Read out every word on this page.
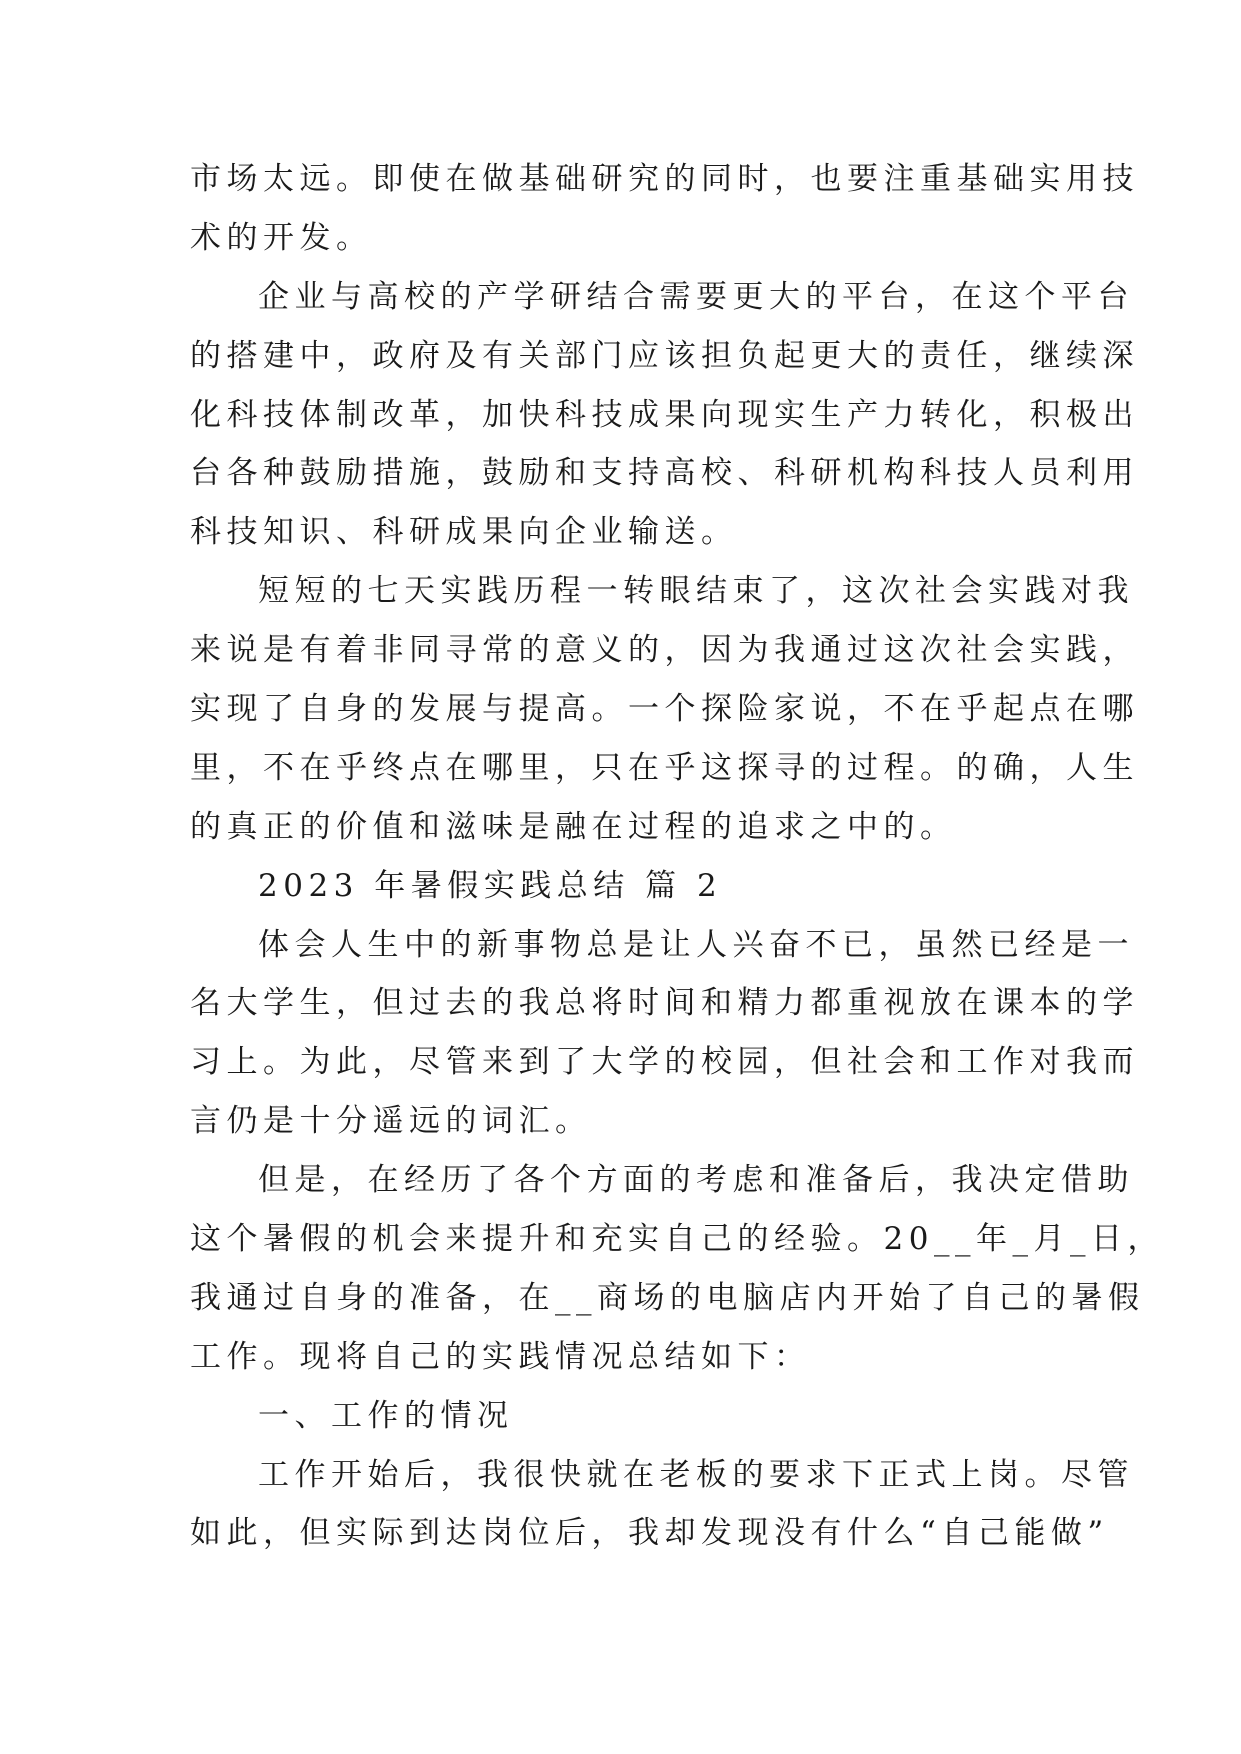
市场太远。即使在做基础研究的同时，也要注重基础实用技
术的开发。
企业与高校的产学研结合需要更大的平台，在这个平台
的搭建中，政府及有关部门应该担负起更大的责任，继续深
化科技体制改革，加快科技成果向现实生产力转化，积极出
台各种鼓励措施，鼓励和支持高校、科研机构科技人员利用
科技知识、科研成果向企业输送。
短短的七天实践历程一转眼结束了，这次社会实践对我
来说是有着非同寻常的意义的，因为我通过这次社会实践，
实现了自身的发展与提高。一个探险家说，不在乎起点在哪
里，不在乎终点在哪里，只在乎这探寻的过程。的确，人生
的真正的价值和滋味是融在过程的追求之中的。
2023 年暑假实践总结 篇 2
体会人生中的新事物总是让人兴奋不已，虽然已经是一
名大学生，但过去的我总将时间和精力都重视放在课本的学
习上。为此，尽管来到了大学的校园，但社会和工作对我而
言仍是十分遥远的词汇。
但是，在经历了各个方面的考虑和准备后，我决定借助
这个暑假的机会来提升和充实自己的经验。20__年_月_日，
我通过自身的准备，在__商场的电脑店内开始了自己的暑假
工作。现将自己的实践情况总结如下：
一、工作的情况
工作开始后，我很快就在老板的要求下正式上岗。尽管
如此，但实际到达岗位后，我却发现没有什么“自己能做”
